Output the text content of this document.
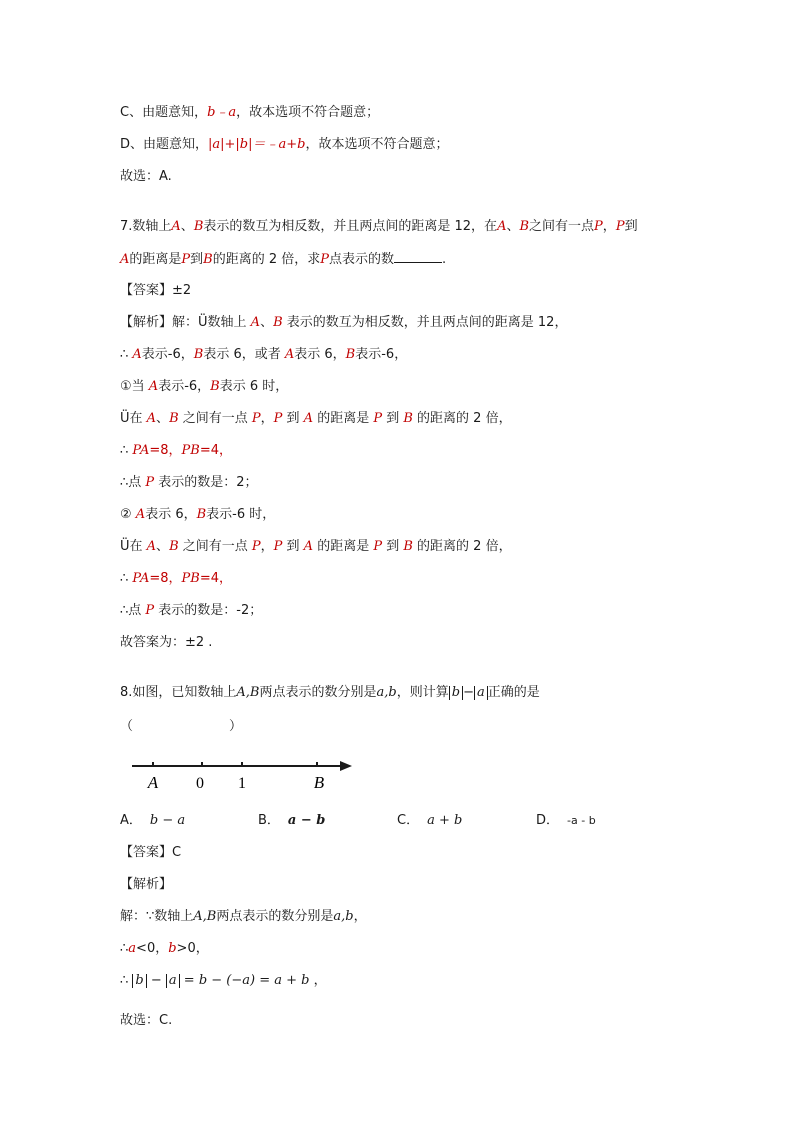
C、由题意知，b﹣a，故本选项不符合题意；
D、由题意知，|a|+|b|＝﹣a+b，故本选项不符合题意；
故选：A.
7.数轴上A、B表示的数互为相反数，并且两点间的距离是 12，在A、B之间有一点P，P到
A的距离是P到B的距离的 2 倍，求P点表示的数	.
【答案】±2
【解析】解：Ü数轴上 A、B 表示的数互为相反数，并且两点间的距离是 12，
∴ A表示-6，B表示 6，或者 A表示 6，B表示-6，
①当 A表示-6，B表示 6 时，
Ü在 A、B 之间有一点 P，P 到 A 的距离是 P 到 B 的距离的 2 倍，
∴ PA=8，PB=4，
∴点 P 表示的数是：2；
② A表示 6，B表示-6 时，
Ü在 A、B 之间有一点 P，P 到 A 的距离是 P 到 B 的距离的 2 倍，
∴ PA=8，PB=4，
∴点 P 表示的数是：-2；
故答案为：±2 .
8.如图，已知数轴上A,B两点表示的数分别是a,b，则计算 b − a 正确的是
（	）
A 0 1	B
A． b − a	B． a − b	C． a + b	D． -a - b
【答案】C
【解析】
解：∵数轴上A,B两点表示的数分别是a,b，
∴a<0，b>0，
∴ b − a = b − (−a) = a + b ，
故选：C.
